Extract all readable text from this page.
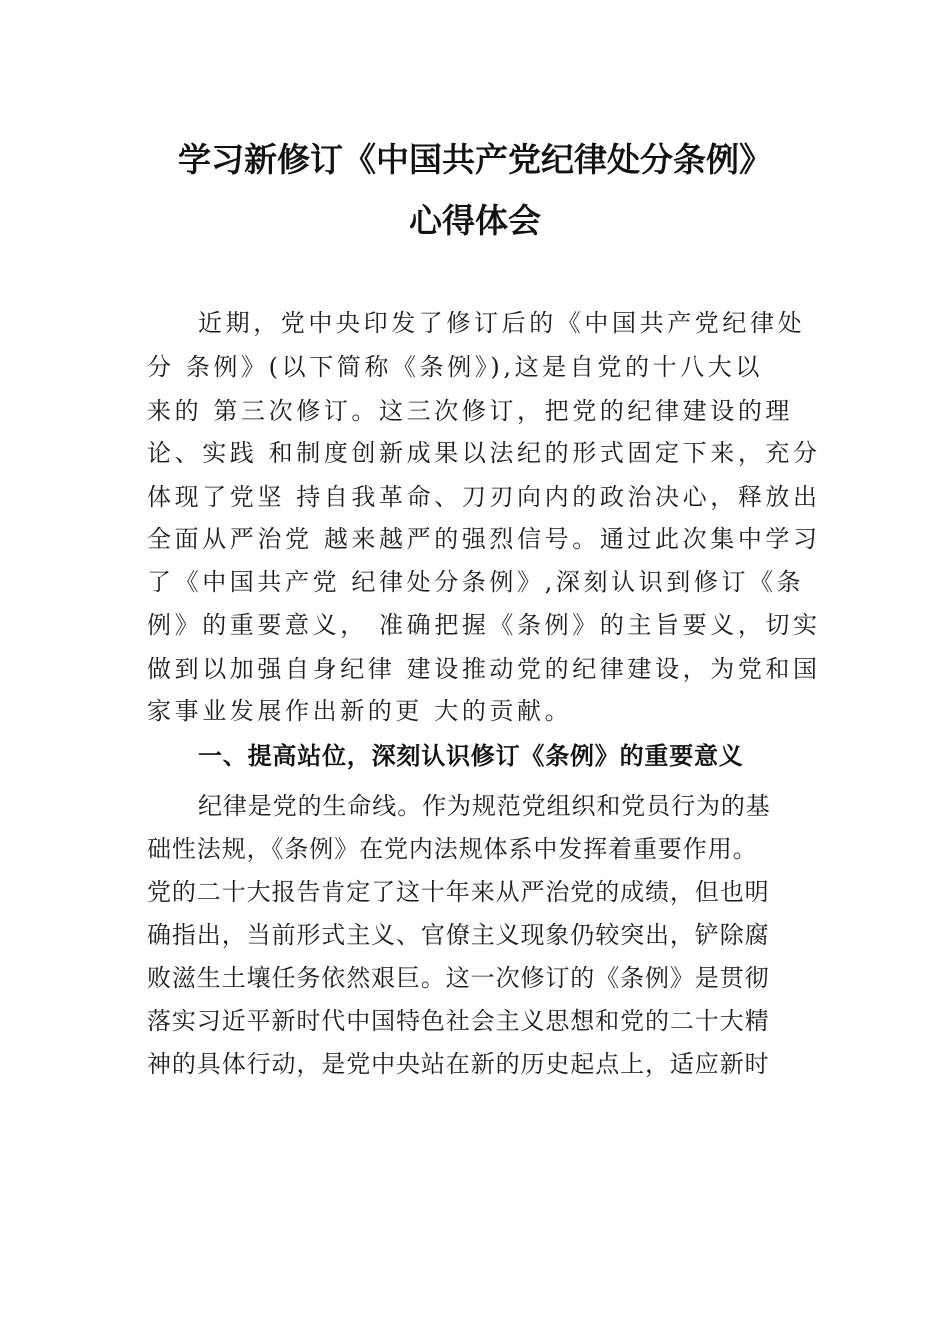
学习新修订《中国共产党纪律处分条例》
心得体会
近期，党中央印发了修订后的《中国共产党纪律处
分 条例》(以下简称《条例》),这是自党的十八大以
来的 第三次修订。这三次修订，把党的纪律建设的理
论、实践 和制度创新成果以法纪的形式固定下来，充分
体现了党坚 持自我革命、刀刃向内的政治决心，释放出
全面从严治党 越来越严的强烈信号。通过此次集中学习
了《中国共产党 纪律处分条例》,深刻认识到修订《条
例》的重要意义， 准确把握《条例》的主旨要义，切实
做到以加强自身纪律 建设推动党的纪律建设，为党和国
家事业发展作出新的更 大的贡献。
一、提高站位，深刻认识修订《条例》的重要意义
纪律是党的生命线。作为规范党组织和党员行为的基
础性法规，《条例》在党内法规体系中发挥着重要作用。
党的二十大报告肯定了这十年来从严治党的成绩，但也明
确指出，当前形式主义、官僚主义现象仍较突出，铲除腐
败滋生土壤任务依然艰巨。这一次修订的《条例》是贯彻
落实习近平新时代中国特色社会主义思想和党的二十大精
神的具体行动，是党中央站在新的历史起点上，适应新时
